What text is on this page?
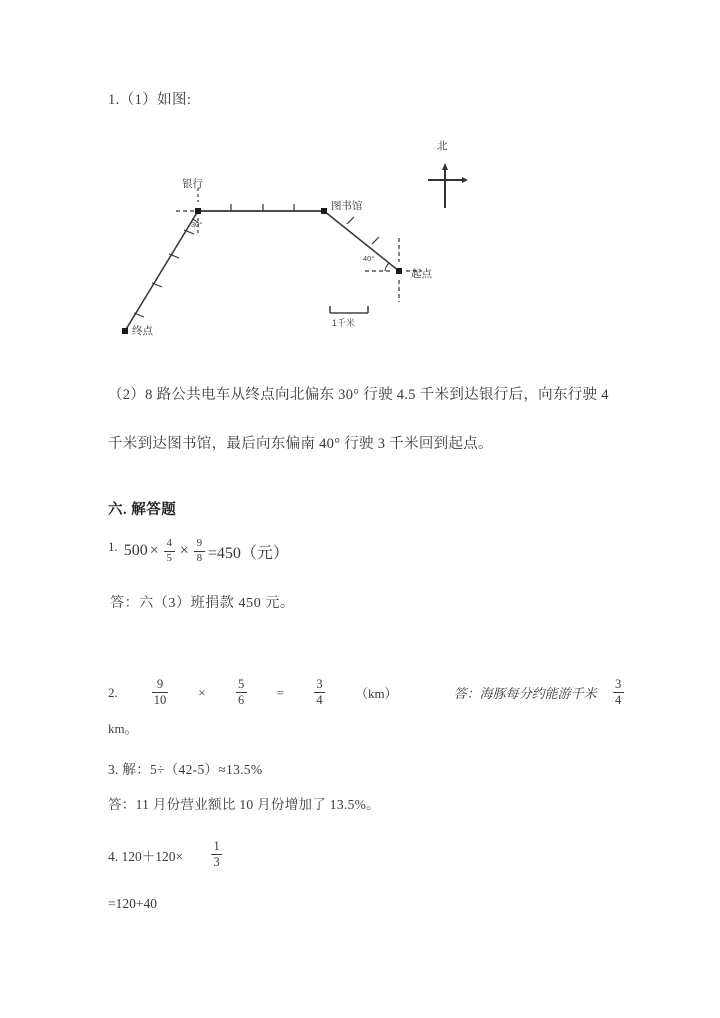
1.（1）如图:
银行
图书馆
起点
终点
北
30°
40°
1千米
（2）8 路公共电车从终点向北偏东 30° 行驶 4.5 千米到达银行后，向东行驶 4
千米到达图书馆，最后向东偏南 40° 行驶 3 千米回到起点。
六. 解答题
1. $500 \times \frac{4}{5} \times \frac{9}{8} =450$（元）
答：六（3）班捐款 450 元。
2.	$\frac{9}{10} \times \frac{5}{6} = \frac{3}{4} (km)$	答：海豚每分约能游千米 $\frac{3}{4}$
km。
3. 解：5÷（42-5）≈13.5%
答：11 月份营业额比 10 月份增加了 13.5%。
4. $120+120\times \frac{1}{3}$
=120+40
